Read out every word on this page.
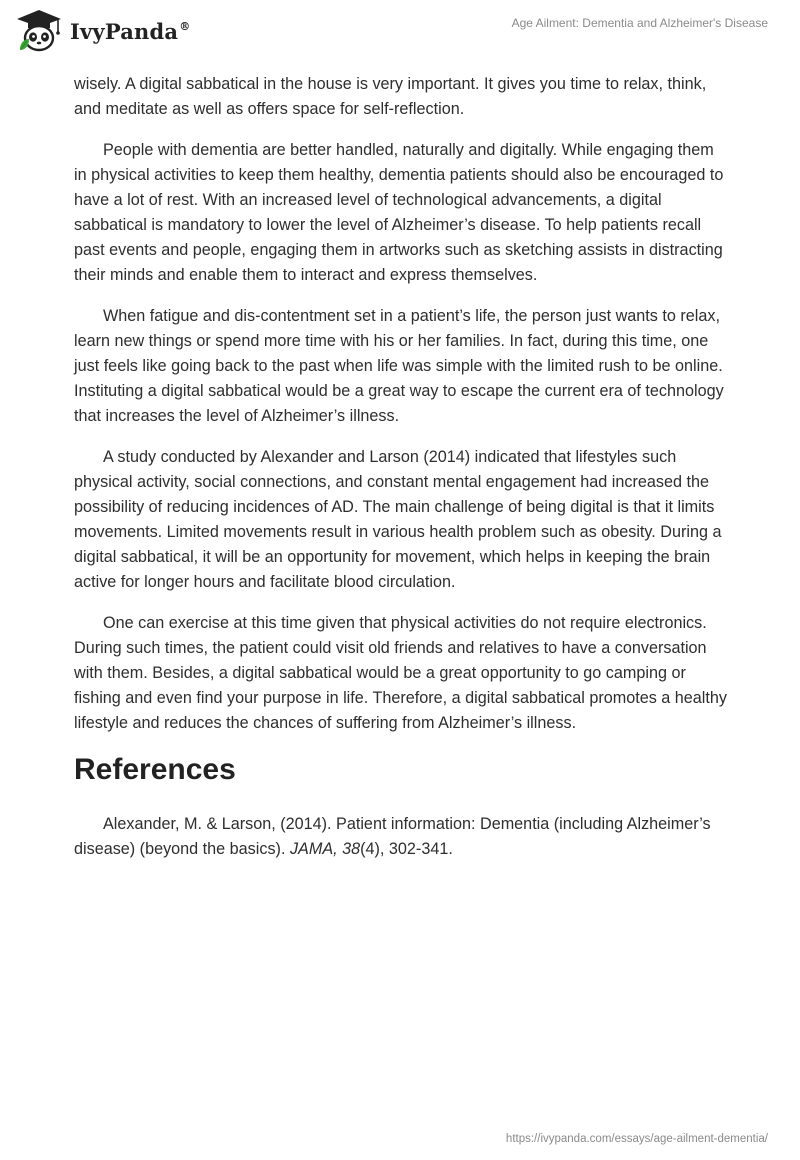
IvyPanda®	Age Ailment: Dementia and Alzheimer's Disease

wisely. A digital sabbatical in the house is very important. It gives you time to relax, think, and meditate as well as offers space for self-reflection.

People with dementia are better handled, naturally and digitally. While engaging them in physical activities to keep them healthy, dementia patients should also be encouraged to have a lot of rest. With an increased level of technological advancements, a digital sabbatical is mandatory to lower the level of Alzheimer’s disease. To help patients recall past events and people, engaging them in artworks such as sketching assists in distracting their minds and enable them to interact and express themselves.

When fatigue and dis-contentment set in a patient’s life, the person just wants to relax, learn new things or spend more time with his or her families. In fact, during this time, one just feels like going back to the past when life was simple with the limited rush to be online. Instituting a digital sabbatical would be a great way to escape the current era of technology that increases the level of Alzheimer’s illness.

A study conducted by Alexander and Larson (2014) indicated that lifestyles such physical activity, social connections, and constant mental engagement had increased the possibility of reducing incidences of AD. The main challenge of being digital is that it limits movements. Limited movements result in various health problem such as obesity. During a digital sabbatical, it will be an opportunity for movement, which helps in keeping the brain active for longer hours and facilitate blood circulation.

One can exercise at this time given that physical activities do not require electronics. During such times, the patient could visit old friends and relatives to have a conversation with them. Besides, a digital sabbatical would be a great opportunity to go camping or fishing and even find your purpose in life. Therefore, a digital sabbatical promotes a healthy lifestyle and reduces the chances of suffering from Alzheimer’s illness.

References

Alexander, M. & Larson, (2014). Patient information: Dementia (including Alzheimer’s disease) (beyond the basics). JAMA, 38(4), 302-341.

https://ivypanda.com/essays/age-ailment-dementia/
